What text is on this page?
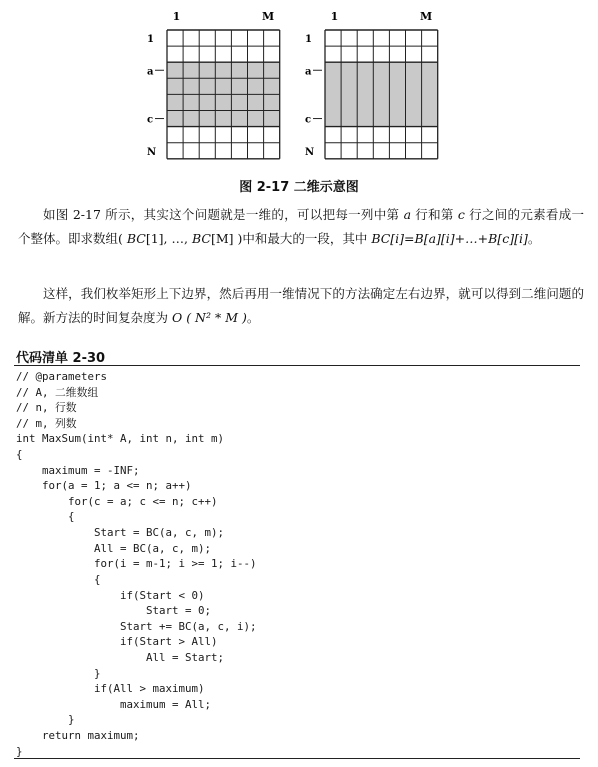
1	M
1
a
c
N
1	M
1
a
c
N
图 2-17 二维示意图
如图 2-17 所示，其实这个问题就是一维的，可以把每一列中第 a 行和第 c 行之间的元素看成一个整体。即求数组( BC[1], …, BC[M] )中和最大的一段，其中 BC[i]=B[a][i]+…+B[c][i]。
这样，我们枚举矩形上下边界，然后再用一维情况下的方法确定左右边界，就可以得到二维问题的解。新方法的时间复杂度为 O ( N² * M )。
代码清单 2-30
// @parameters
// A, 二维数组
// n, 行数
// m, 列数
int MaxSum(int* A, int n, int m)
{
maximum = -INF;
for(a = 1; a <= n; a++)
for(c = a; c <= n; c++)
{
Start = BC(a, c, m);
All = BC(a, c, m);
for(i = m-1; i >= 1; i--)
{
if(Start < 0)
Start = 0;
Start += BC(a, c, i);
if(Start > All)
All = Start;
}
if(All > maximum)
maximum = All;
}
return maximum;
}
